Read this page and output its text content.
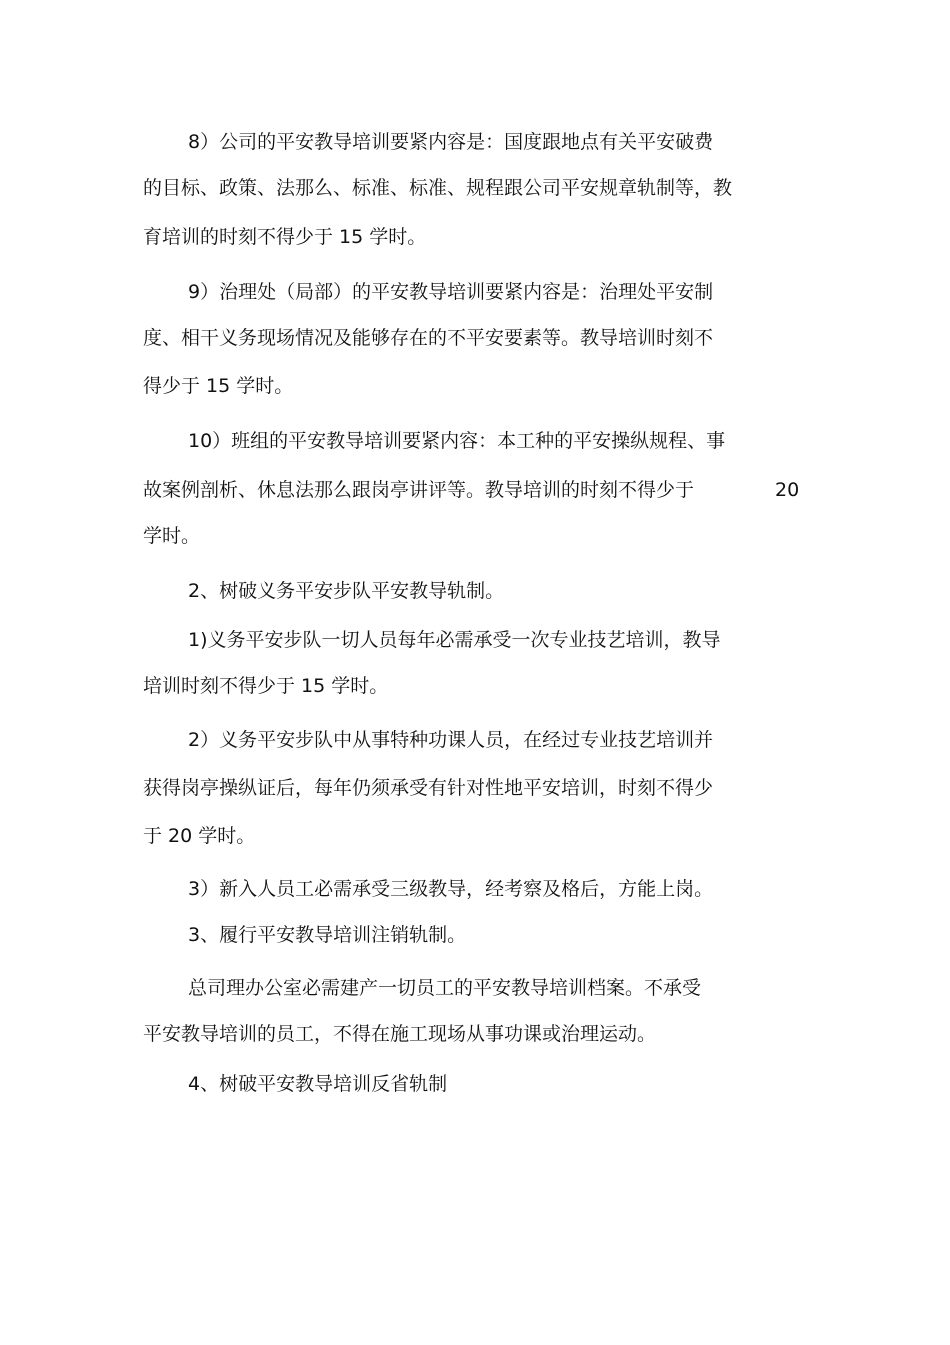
8）公司的平安教导培训要紧内容是：国度跟地点有关平安破费

的目标、政策、法那么、标准、标准、规程跟公司平安规章轨制等，教

育培训的时刻不得少于 15 学时。

9）治理处（局部）的平安教导培训要紧内容是：治理处平安制

度、相干义务现场情况及能够存在的不平安要素等。教导培训时刻不

得少于 15 学时。

10）班组的平安教导培训要紧内容：本工种的平安操纵规程、事

故案例剖析、休息法那么跟岗亭讲评等。教导培训的时刻不得少于	20

学时。

2、树破义务平安步队平安教导轨制。

1)义务平安步队一切人员每年必需承受一次专业技艺培训，教导

培训时刻不得少于 15 学时。

2）义务平安步队中从事特种功课人员，在经过专业技艺培训并

获得岗亭操纵证后，每年仍须承受有针对性地平安培训，时刻不得少

于 20 学时。

3）新入人员工必需承受三级教导，经考察及格后，方能上岗。

3、履行平安教导培训注销轨制。

总司理办公室必需建产一切员工的平安教导培训档案。不承受

平安教导培训的员工，不得在施工现场从事功课或治理运动。

4、树破平安教导培训反省轨制
